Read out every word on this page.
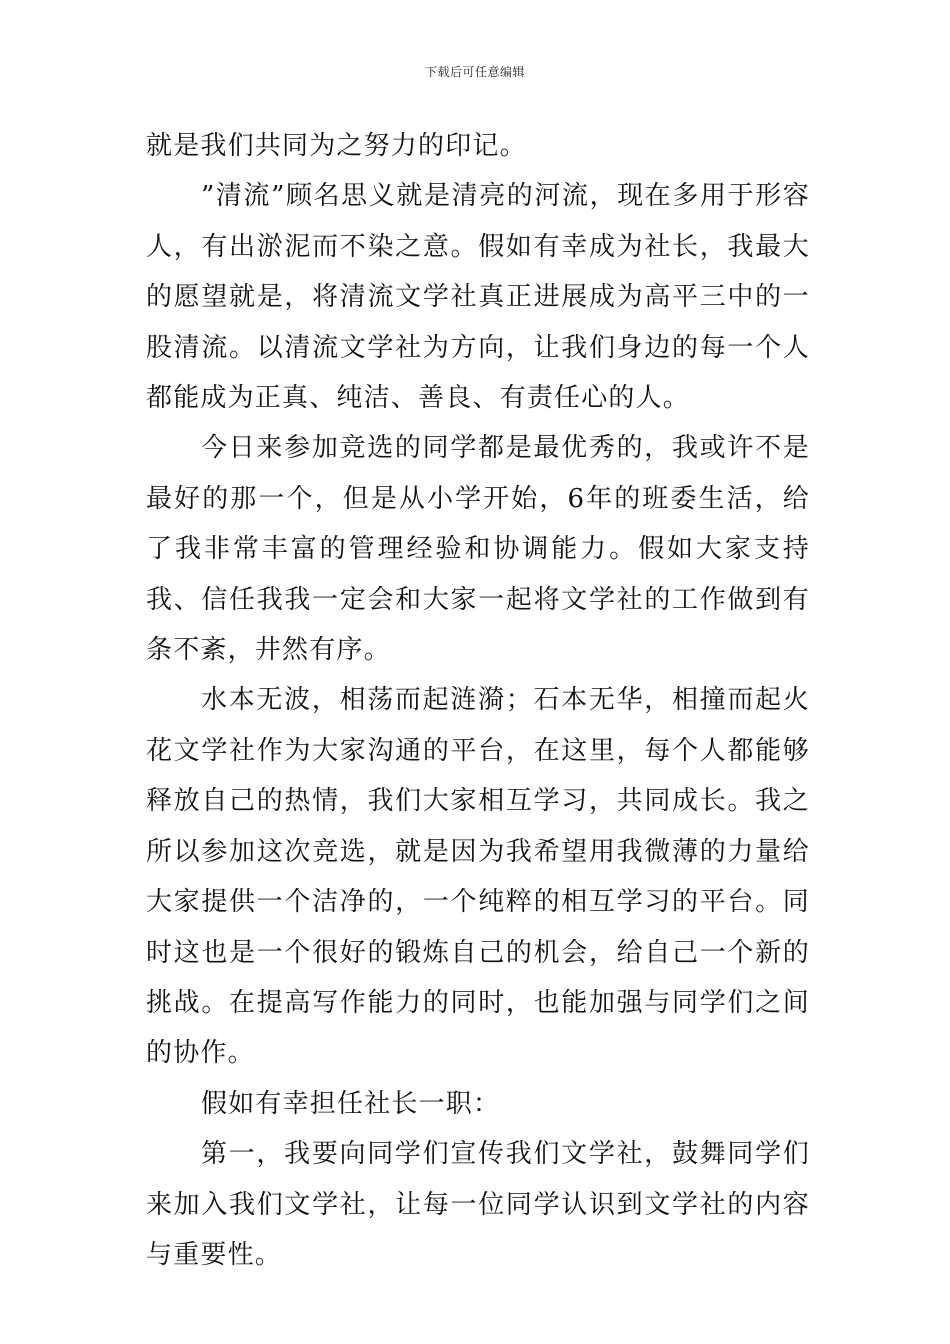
下载后可任意编辑

就是我们共同为之努力的印记。

”清流”顾名思义就是清亮的河流，现在多用于形容人，有出淤泥而不染之意。假如有幸成为社长，我最大的愿望就是，将清流文学社真正进展成为高平三中的一股清流。以清流文学社为方向，让我们身边的每一个人都能成为正真、纯洁、善良、有责任心的人。

今日来参加竞选的同学都是最优秀的，我或许不是最好的那一个，但是从小学开始，6年的班委生活，给了我非常丰富的管理经验和协调能力。假如大家支持我、信任我我一定会和大家一起将文学社的工作做到有条不紊，井然有序。

水本无波，相荡而起涟漪；石本无华，相撞而起火花文学社作为大家沟通的平台，在这里，每个人都能够释放自己的热情，我们大家相互学习，共同成长。我之所以参加这次竞选，就是因为我希望用我微薄的力量给大家提供一个洁净的，一个纯粹的相互学习的平台。同时这也是一个很好的锻炼自己的机会，给自己一个新的挑战。在提高写作能力的同时，也能加强与同学们之间的协作。

假如有幸担任社长一职：

第一，我要向同学们宣传我们文学社，鼓舞同学们来加入我们文学社，让每一位同学认识到文学社的内容与重要性。
